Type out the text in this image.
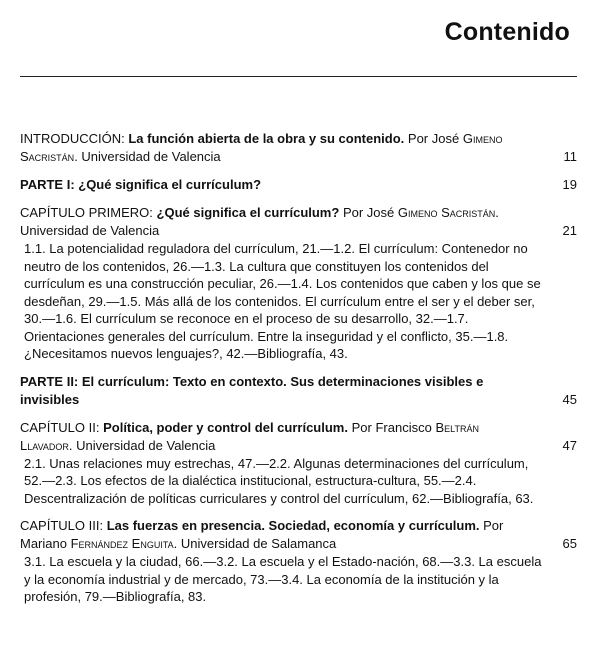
Contenido
INTRODUCCIÓN: La función abierta de la obra y su contenido. Por José Gimeno Sacristán. Universidad de Valencia	11
PARTE I: ¿Qué significa el currículum?	19
CAPÍTULO PRIMERO: ¿Qué significa el currículum? Por José Gimeno Sacristán. Universidad de Valencia	21
1.1. La potencialidad reguladora del currículum, 21.—1.2. El currículum: Contenedor no neutro de los contenidos, 26.—1.3. La cultura que constituyen los contenidos del currículum es una construcción peculiar, 26.—1.4. Los contenidos que caben y los que se desdeñan, 29.—1.5. Más allá de los contenidos. El currículum entre el ser y el deber ser, 30.—1.6. El currículum se reconoce en el proceso de su desarrollo, 32.—1.7. Orientaciones generales del currículum. Entre la inseguridad y el conflicto, 35.—1.8. ¿Necesitamos nuevos lenguajes?, 42.—Bibliografía, 43.
PARTE II: El currículum: Texto en contexto. Sus determinaciones visibles e invisibles	45
CAPÍTULO II: Política, poder y control del currículum. Por Francisco Beltrán Llavador. Universidad de Valencia	47
2.1. Unas relaciones muy estrechas, 47.—2.2. Algunas determinaciones del currículum, 52.—2.3. Los efectos de la dialéctica institucional, estructura-cultura, 55.—2.4. Descentralización de políticas curriculares y control del currículum, 62.—Bibliografía, 63.
CAPÍTULO III: Las fuerzas en presencia. Sociedad, economía y currículum. Por Mariano Fernández Enguita. Universidad de Salamanca	65
3.1. La escuela y la ciudad, 66.—3.2. La escuela y el Estado-nación, 68.—3.3. La escuela y la economía industrial y de mercado, 73.—3.4. La economía de la institución y la profesión, 79.—Bibliografía, 83.
